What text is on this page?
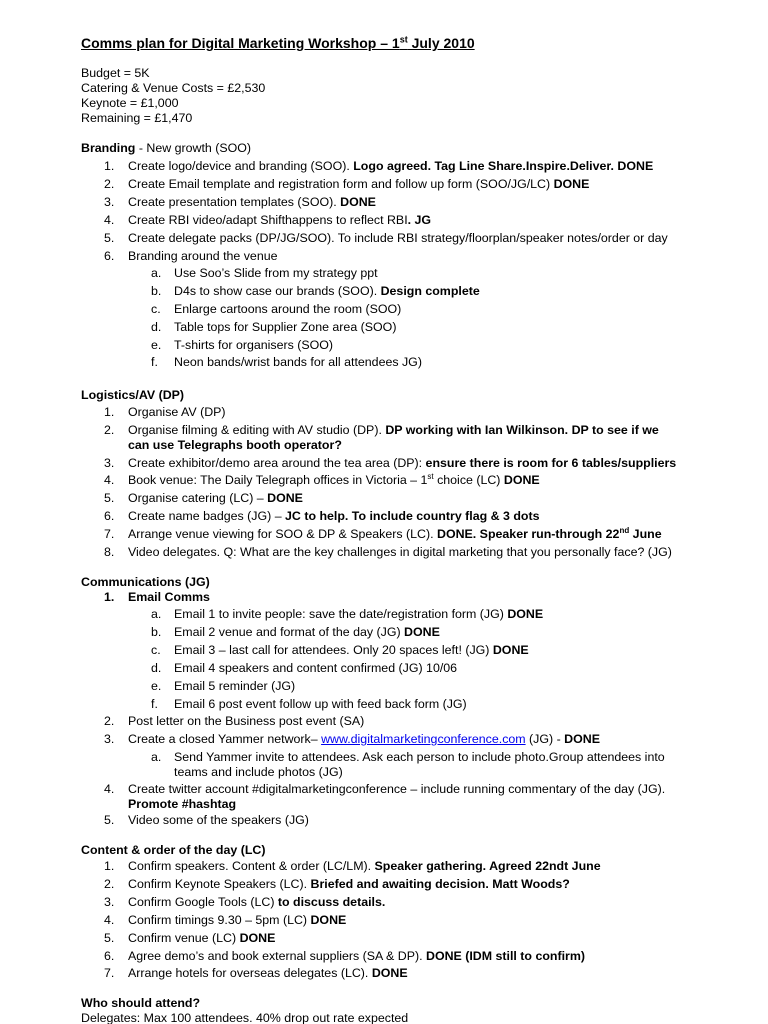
Comms plan for Digital Marketing Workshop – 1st July 2010
Budget = 5K
Catering & Venue Costs = £2,530
Keynote = £1,000
Remaining = £1,470
Branding - New growth (SOO)
1. Create logo/device and branding (SOO). Logo agreed. Tag Line Share.Inspire.Deliver. DONE
2. Create Email template and registration form and follow up form (SOO/JG/LC) DONE
3. Create presentation templates (SOO). DONE
4. Create RBI video/adapt Shifthappens to reflect RBI. JG
5. Create delegate packs (DP/JG/SOO). To include RBI strategy/floorplan/speaker notes/order or day
6. Branding around the venue
a. Use Soo’s Slide from my strategy ppt
b. D4s to show case our brands (SOO). Design complete
c. Enlarge cartoons around the room (SOO)
d. Table tops for Supplier Zone area (SOO)
e. T-shirts for organisers (SOO)
f. Neon bands/wrist bands for all attendees JG)
Logistics/AV (DP)
1. Organise AV (DP)
2. Organise filming & editing with AV studio (DP). DP working with Ian Wilkinson. DP to see if we
can use Telegraphs booth operator?
3. Create exhibitor/demo area around the tea area (DP): ensure there is room for 6 tables/suppliers
4. Book venue: The Daily Telegraph offices in Victoria – 1st choice (LC) DONE
5. Organise catering (LC) – DONE
6. Create name badges (JG) – JC to help. To include country flag & 3 dots
7. Arrange venue viewing for SOO & DP & Speakers (LC). DONE. Speaker run-through 22nd June
8. Video delegates. Q: What are the key challenges in digital marketing that you personally face? (JG)
Communications (JG)
1. Email Comms
a. Email 1 to invite people: save the date/registration form (JG) DONE
b. Email 2 venue and format of the day (JG) DONE
c. Email 3 – last call for attendees. Only 20 spaces left! (JG) DONE
d. Email 4 speakers and content confirmed (JG) 10/06
e. Email 5 reminder (JG)
f. Email 6 post event follow up with feed back form (JG)
2. Post letter on the Business post event (SA)
3. Create a closed Yammer network– www.digitalmarketingconference.com (JG) - DONE
a. Send Yammer invite to attendees. Ask each person to include photo.Group attendees into
teams and include photos (JG)
4. Create twitter account #digitalmarketingconference – include running commentary of the day (JG).
Promote #hashtag
5. Video some of the speakers (JG)
Content & order of the day (LC)
1. Confirm speakers. Content & order (LC/LM). Speaker gathering. Agreed 22ndt June
2. Confirm Keynote Speakers (LC). Briefed and awaiting decision. Matt Woods?
3. Confirm Google Tools (LC) to discuss details.
4. Confirm timings 9.30 – 5pm (LC) DONE
5. Confirm venue (LC) DONE
6. Agree demo’s and book external suppliers (SA & DP). DONE (IDM still to confirm)
7. Arrange hotels for overseas delegates (LC). DONE
Who should attend?
Delegates: Max 100 attendees. 40% drop out rate expected
